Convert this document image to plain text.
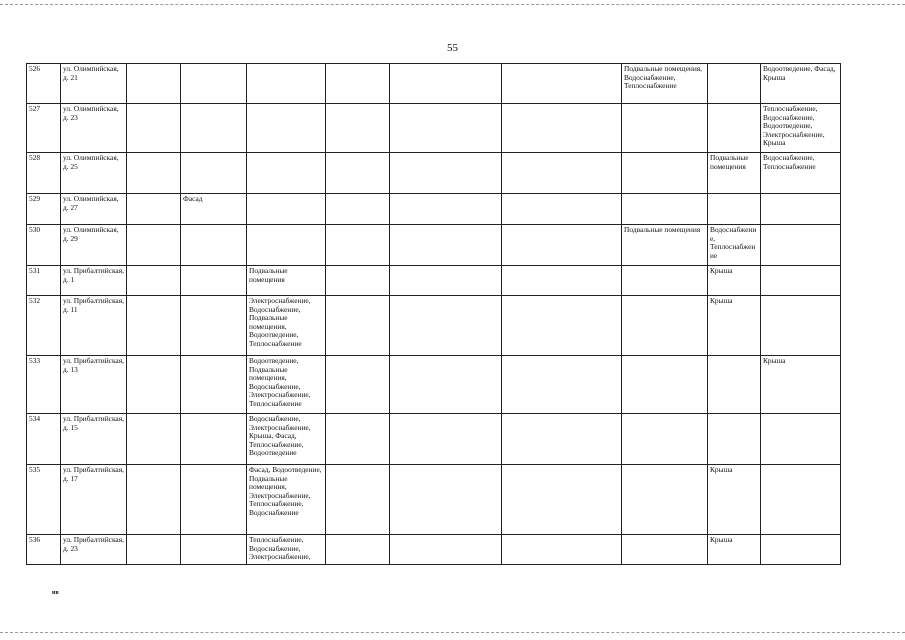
55
526	ул. Олимпийская, д. 21							Подвальные помещения, Водоснабжение, Теплоснабжение		Водоотведение, Фасад, Крыша
527	ул. Олимпийская, д. 23									Теплоснабжение, Водоснабжение, Водоотведение, Электроснабжение, Крыша
528	ул. Олимпийская, д. 25								Подвальные помещения	Водоснабжение, Теплоснабжение
529	ул. Олимпийская, д. 27		Фасад							
530	ул. Олимпийская, д. 29							Подвальные помещения	Водоснабжение, Теплоснабжение	
531	ул. Прибалтийская, д. 1			Подвальные помещения					Крыша	
532	ул. Прибалтийская, д. 11			Электроснабжение, Водоснабжение, Подвальные помещения, Водоотведение, Теплоснабжение					Крыша	
533	ул. Прибалтийская, д. 13			Водоотведение, Подвальные помещения, Водоснабжение, Электроснабжение, Теплоснабжение						Крыша
534	ул. Прибалтийская, д. 15			Водоснабжение, Электроснабжение, Крыша, Фасад, Теплоснабжение, Водоотведение						
535	ул. Прибалтийская, д. 17			Фасад, Водоотведение, Подвальные помещения, Электроснабжение, Теплоснабжение, Водоснабжение					Крыша	
536	ул. Прибалтийская, д. 23			Теплоснабжение, Водоснабжение, Электроснабжение,					Крыша	
нв
